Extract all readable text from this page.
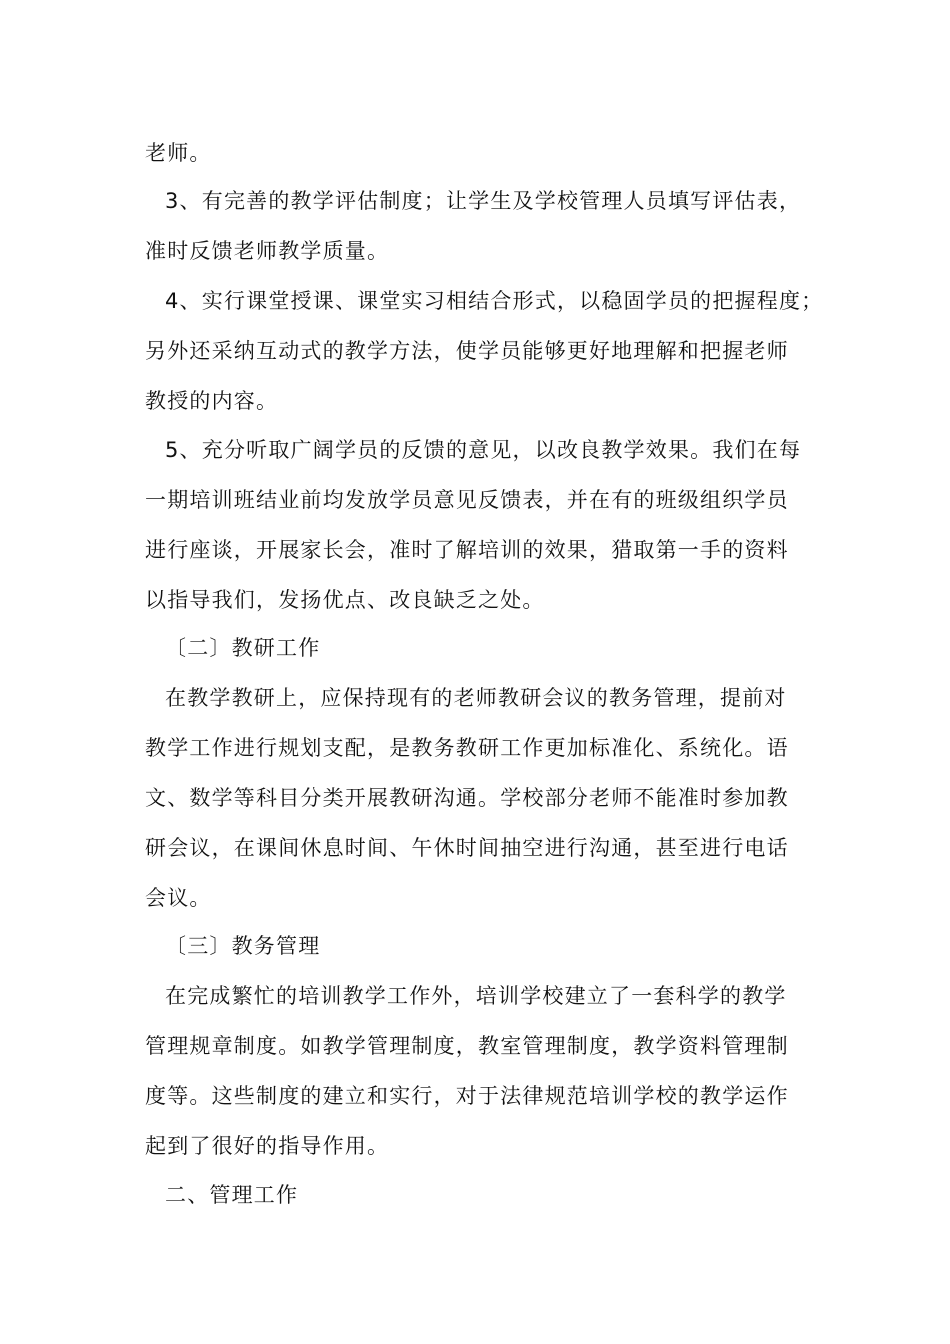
老师。
3、有完善的教学评估制度；让学生及学校管理人员填写评估表，
准时反馈老师教学质量。
4、实行课堂授课、课堂实习相结合形式，以稳固学员的把握程度；
另外还采纳互动式的教学方法，使学员能够更好地理解和把握老师
教授的内容。
5、充分听取广阔学员的反馈的意见，以改良教学效果。我们在每
一期培训班结业前均发放学员意见反馈表，并在有的班级组织学员
进行座谈，开展家长会，准时了解培训的效果，猎取第一手的资料
以指导我们，发扬优点、改良缺乏之处。
〔二〕教研工作
在教学教研上，应保持现有的老师教研会议的教务管理，提前对
教学工作进行规划支配，是教务教研工作更加标准化、系统化。语
文、数学等科目分类开展教研沟通。学校部分老师不能准时参加教
研会议，在课间休息时间、午休时间抽空进行沟通，甚至进行电话
会议。
〔三〕教务管理
在完成繁忙的培训教学工作外，培训学校建立了一套科学的教学
管理规章制度。如教学管理制度，教室管理制度，教学资料管理制
度等。这些制度的建立和实行，对于法律规范培训学校的教学运作
起到了很好的指导作用。
二、管理工作
